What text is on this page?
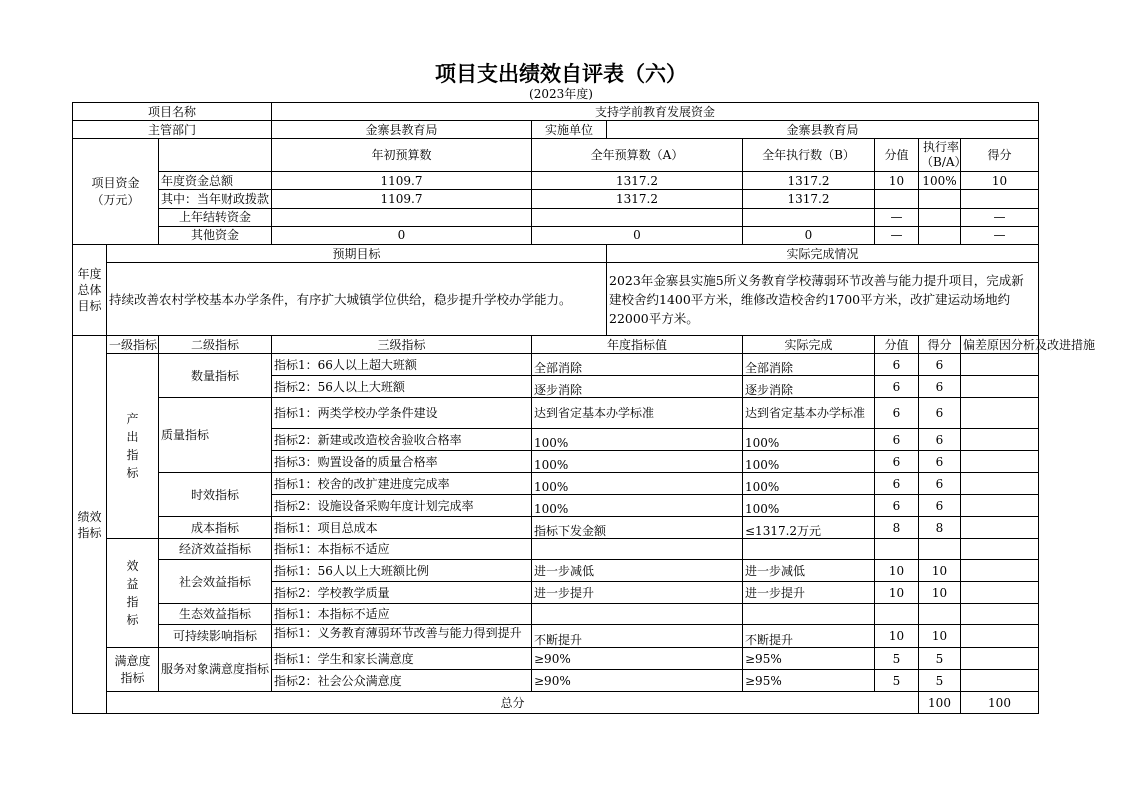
项目支出绩效自评表（六）
(2023年度)
项目名称			支持学前教育发展资金							
主管部门			金寨县教育局	实施单位	金寨县教育局					
项目资金（万元）			年初预算数	全年预算数（A）		全年执行数（B）	分值	执行率（B/A）	得分	
		年度资金总额	1109.7	1317.2		1317.2	10	100%	10	
		其中：当年财政拨款	1109.7	1317.2		1317.2				
		上年结转资金					—		—	
		其他资金	0	0		0	—		—	
年度总体目标	预期目标				实际完成情况					
	持续改善农村学校基本办学条件，有序扩大城镇学位供给，稳步提升学校办学能力。				2023年金寨县实施5所义务教育学校薄弱环节改善与能力提升项目，完成新建校舍约1400平方米，维修改造校舍约1700平方米，改扩建运动场地约22000平方米。					
绩效指标	一级指标	二级指标	三级指标	年度指标值		实际完成	分值	得分	偏差原因分析及改进措施	
	产出指标	数量指标	指标1：66人以上超大班额	全部消除		全部消除	6	6		
			指标2：56人以上大班额	逐步消除		逐步消除	6	6		
		质量指标	指标1：两类学校办学条件建设	达到省定基本办学标准		达到省定基本办学标准	6	6		
			指标2：新建或改造校舍验收合格率	100%		100%	6	6		
			指标3：购置设备的质量合格率	100%		100%	6	6		
		时效指标	指标1：校舍的改扩建进度完成率	100%		100%	6	6		
			指标2：设施设备采购年度计划完成率	100%		100%	6	6		
		成本指标	指标1：项目总成本	指标下发金额		≤1317.2万元	8	8		
	效益指标	经济效益指标	指标1：本指标不适应							
		社会效益指标	指标1：56人以上大班额比例	进一步减低		进一步减低	10	10		
			指标2：学校教学质量	进一步提升		进一步提升	10	10		
		生态效益指标	指标1：本指标不适应							
		可持续影响指标	指标1：义务教育薄弱环节改善与能力得到提升	不断提升		不断提升	10	10		
	满意度指标	服务对象满意度指标	指标1：学生和家长满意度	≥90%		≥95%	5	5		
			指标2：社会公众满意度	≥90%		≥95%	5	5		
	总分							100	100	
